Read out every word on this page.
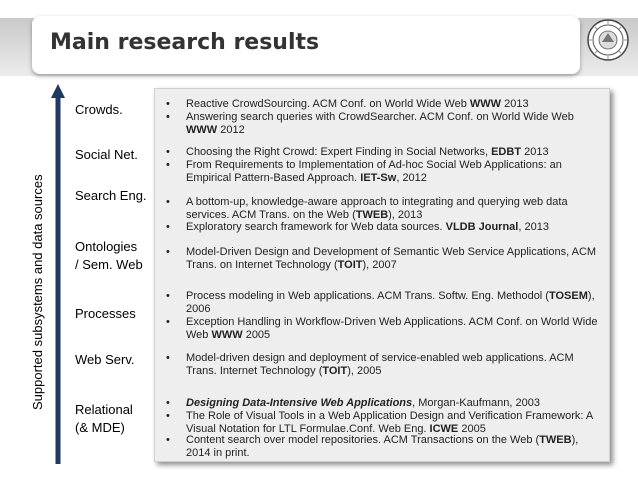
Main research results
Supported subsystems and data sources
Crowds.
Social Net.
Search Eng.
Ontologies
/ Sem. Web
Processes
Web Serv.
Relational
(& MDE)
• Reactive CrowdSourcing. ACM Conf. on World Wide Web WWW 2013
• Answering search queries with CrowdSearcher. ACM Conf. on World Wide Web WWW 2012
• Choosing the Right Crowd: Expert Finding in Social Networks, EDBT 2013
• From Requirements to Implementation of Ad-hoc Social Web Applications: an Empirical Pattern-Based Approach. IET-Sw, 2012
• A bottom-up, knowledge-aware approach to integrating and querying web data services. ACM Trans. on the Web (TWEB), 2013
• Exploratory search framework for Web data sources. VLDB Journal, 2013
• Model-Driven Design and Development of Semantic Web Service Applications, ACM Trans. on Internet Technology (TOIT), 2007
• Process modeling in Web applications. ACM Trans. Softw. Eng. Methodol (TOSEM), 2006
• Exception Handling in Workflow-Driven Web Applications. ACM Conf. on World Wide Web WWW 2005
• Model-driven design and deployment of service-enabled web applications. ACM Trans. Internet Technology (TOIT), 2005
• Designing Data-Intensive Web Applications, Morgan-Kaufmann, 2003
• The Role of Visual Tools in a Web Application Design and Verification Framework: A Visual Notation for LTL Formulae.Conf. Web Eng. ICWE 2005
• Content search over model repositories. ACM Transactions on the Web (TWEB), 2014 in print.
